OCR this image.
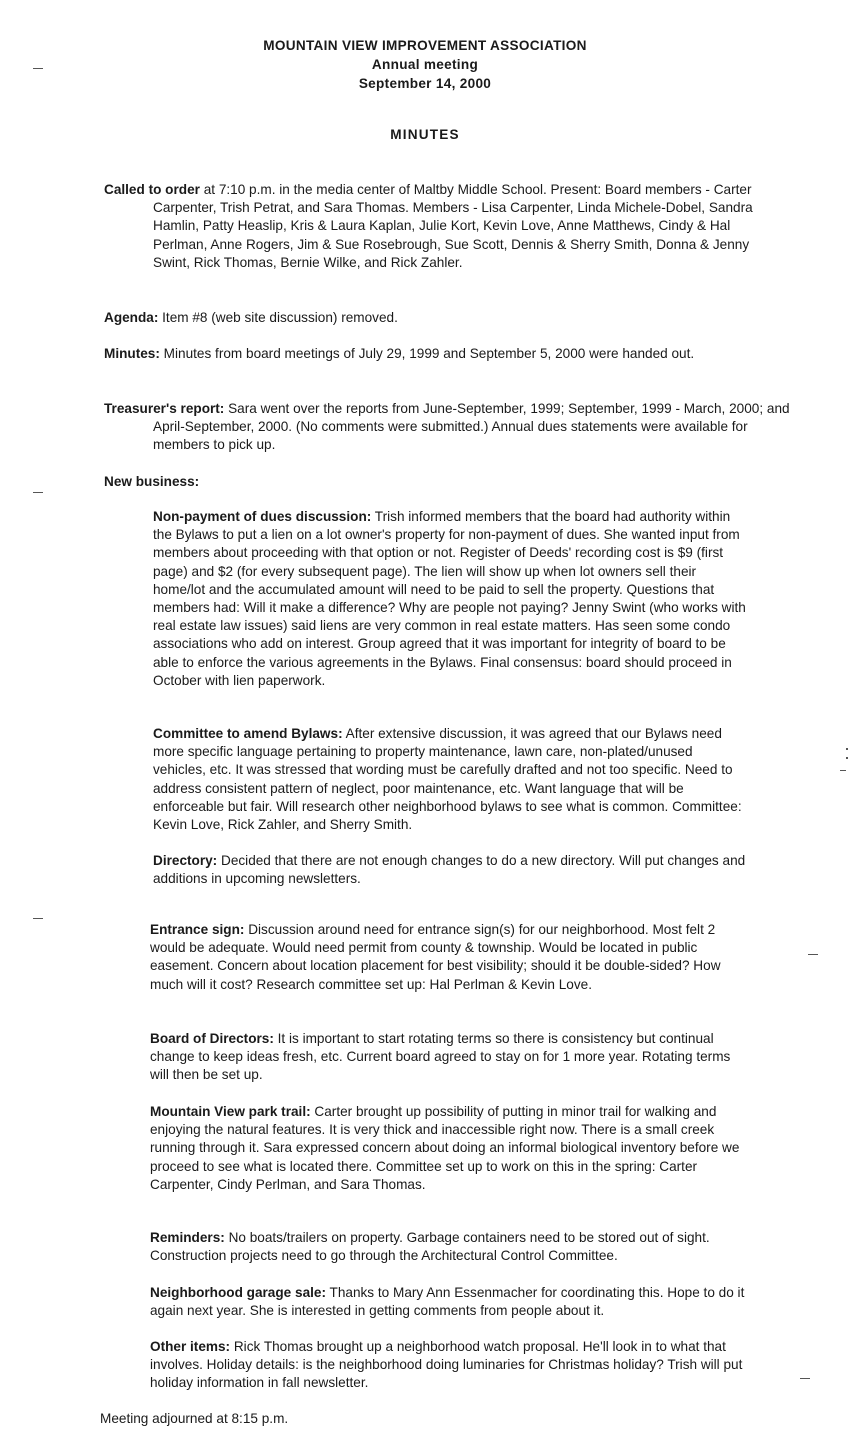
MOUNTAIN VIEW IMPROVEMENT ASSOCIATION
Annual meeting
September 14, 2000
MINUTES

Called to order at 7:10 p.m. in the media center of Maltby Middle School. Present: Board members - Carter Carpenter, Trish Petrat, and Sara Thomas. Members - Lisa Carpenter, Linda Michele-Dobel, Sandra Hamlin, Patty Heaslip, Kris & Laura Kaplan, Julie Kort, Kevin Love, Anne Matthews, Cindy & Hal Perlman, Anne Rogers, Jim & Sue Rosebrough, Sue Scott, Dennis & Sherry Smith, Donna & Jenny Swint, Rick Thomas, Bernie Wilke, and Rick Zahler.

Agenda: Item #8 (web site discussion) removed.

Minutes: Minutes from board meetings of July 29, 1999 and September 5, 2000 were handed out.

Treasurer's report: Sara went over the reports from June-September, 1999; September, 1999 - March, 2000; and April-September, 2000. (No comments were submitted.) Annual dues statements were available for members to pick up.

New business:

Non-payment of dues discussion: Trish informed members that the board had authority within the Bylaws to put a lien on a lot owner's property for non-payment of dues. She wanted input from members about proceeding with that option or not. Register of Deeds' recording cost is $9 (first page) and $2 (for every subsequent page). The lien will show up when lot owners sell their home/lot and the accumulated amount will need to be paid to sell the property. Questions that members had: Will it make a difference? Why are people not paying? Jenny Swint (who works with real estate law issues) said liens are very common in real estate matters. Has seen some condo associations who add on interest. Group agreed that it was important for integrity of board to be able to enforce the various agreements in the Bylaws. Final consensus: board should proceed in October with lien paperwork.

Committee to amend Bylaws: After extensive discussion, it was agreed that our Bylaws need more specific language pertaining to property maintenance, lawn care, non-plated/unused vehicles, etc. It was stressed that wording must be carefully drafted and not too specific. Need to address consistent pattern of neglect, poor maintenance, etc. Want language that will be enforceable but fair. Will research other neighborhood bylaws to see what is common. Committee: Kevin Love, Rick Zahler, and Sherry Smith.

Directory: Decided that there are not enough changes to do a new directory. Will put changes and additions in upcoming newsletters.

Entrance sign: Discussion around need for entrance sign(s) for our neighborhood. Most felt 2 would be adequate. Would need permit from county & township. Would be located in public easement. Concern about location placement for best visibility; should it be double-sided? How much will it cost? Research committee set up: Hal Perlman & Kevin Love.

Board of Directors: It is important to start rotating terms so there is consistency but continual change to keep ideas fresh, etc. Current board agreed to stay on for 1 more year. Rotating terms will then be set up.

Mountain View park trail: Carter brought up possibility of putting in minor trail for walking and enjoying the natural features. It is very thick and inaccessible right now. There is a small creek running through it. Sara expressed concern about doing an informal biological inventory before we proceed to see what is located there. Committee set up to work on this in the spring: Carter Carpenter, Cindy Perlman, and Sara Thomas.

Reminders: No boats/trailers on property. Garbage containers need to be stored out of sight. Construction projects need to go through the Architectural Control Committee.

Neighborhood garage sale: Thanks to Mary Ann Essenmacher for coordinating this. Hope to do it again next year. She is interested in getting comments from people about it.

Other items: Rick Thomas brought up a neighborhood watch proposal. He'll look in to what that involves. Holiday details: is the neighborhood doing luminaries for Christmas holiday? Trish will put holiday information in fall newsletter.

Meeting adjourned at 8:15 p.m.
